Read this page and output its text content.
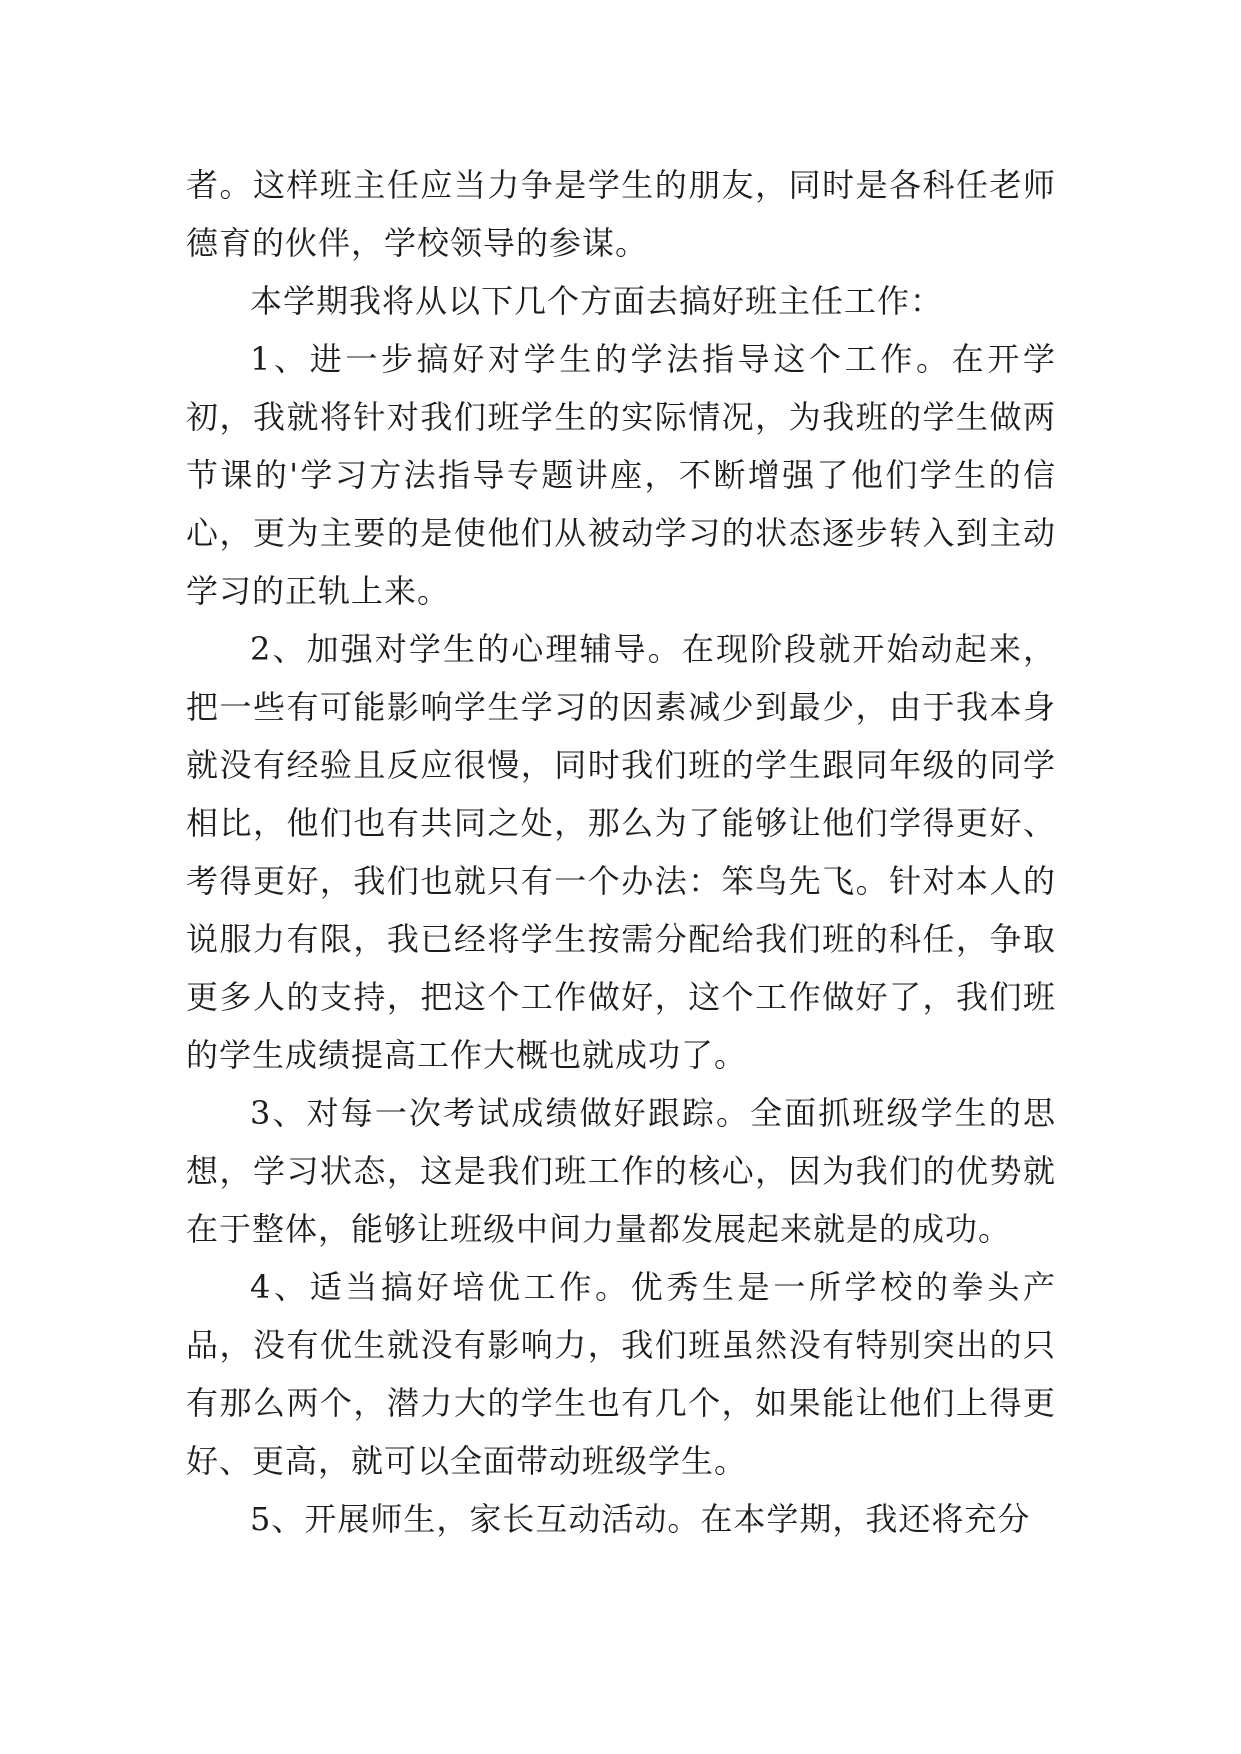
者。这样班主任应当力争是学生的朋友，同时是各科任老师德育的伙伴，学校领导的参谋。

本学期我将从以下几个方面去搞好班主任工作：

1、进一步搞好对学生的学法指导这个工作。在开学初，我就将针对我们班学生的实际情况，为我班的学生做两节课的'学习方法指导专题讲座，不断增强了他们学生的信心，更为主要的是使他们从被动学习的状态逐步转入到主动学习的正轨上来。

2、加强对学生的心理辅导。在现阶段就开始动起来，把一些有可能影响学生学习的因素减少到最少，由于我本身就没有经验且反应很慢，同时我们班的学生跟同年级的同学相比，他们也有共同之处，那么为了能够让他们学得更好、考得更好，我们也就只有一个办法：笨鸟先飞。针对本人的说服力有限，我已经将学生按需分配给我们班的科任，争取更多人的支持，把这个工作做好，这个工作做好了，我们班的学生成绩提高工作大概也就成功了。

3、对每一次考试成绩做好跟踪。全面抓班级学生的思想，学习状态，这是我们班工作的核心，因为我们的优势就在于整体，能够让班级中间力量都发展起来就是的成功。

4、适当搞好培优工作。优秀生是一所学校的拳头产品，没有优生就没有影响力，我们班虽然没有特别突出的只有那么两个，潜力大的学生也有几个，如果能让他们上得更好、更高，就可以全面带动班级学生。

5、开展师生，家长互动活动。在本学期，我还将充分
